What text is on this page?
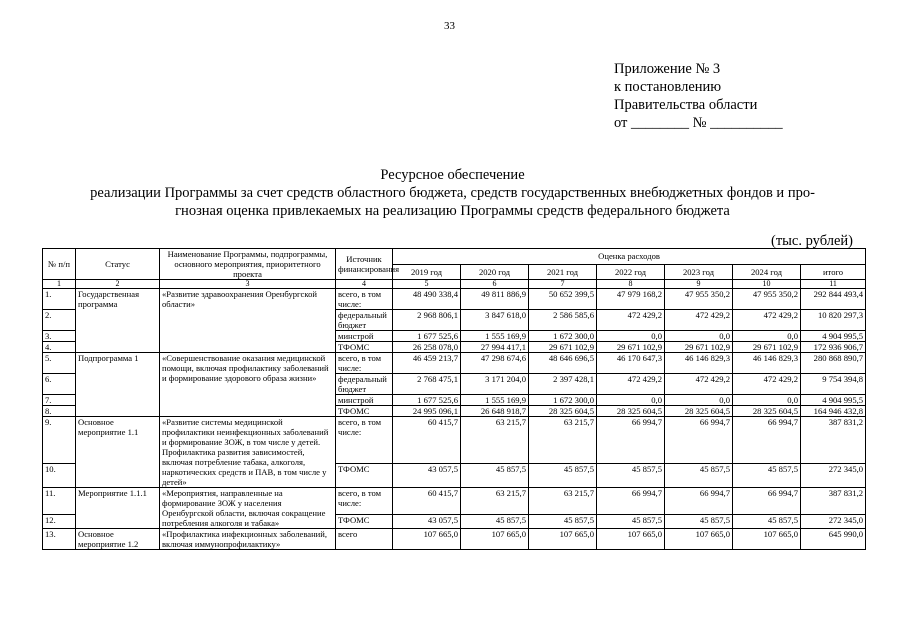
33
Приложение № 3
к постановлению
Правительства области
от ________ № __________
Ресурсное обеспечение
реализации Программы за счет средств областного бюджета, средств государственных внебюджетных фондов и про-
гнозная оценка привлекаемых на реализацию Программы средств федерального бюджета
(тыс. рублей)
№ п/п	Статус	Наименование Программы, подпрограммы, основного мероприятия, приоритетного проекта	Источник финансирования	Оценка расходов						
				2019 год	2020 год	2021 год	2022 год	2023 год	2024 год	итого
1	2	3	4	5	6	7	8	9	10	11
1.	Государственная программа	«Развитие здравоохранения Оренбургской области»	всего, в том числе:	48 490 338,4	49 811 886,9	50 652 399,5	47 979 168,2	47 955 350,2	47 955 350,2	292 844 493,4
2.			федеральный бюджет	2 968 806,1	3 847 618,0	2 586 585,6	472 429,2	472 429,2	472 429,2	10 820 297,3
3.			минстрой	1 677 525,6	1 555 169,9	1 672 300,0	0,0	0,0	0,0	4 904 995,5
4.			ТФОМС	26 258 078,0	27 994 417,1	29 671 102,9	29 671 102,9	29 671 102,9	29 671 102,9	172 936 906,7
5.	Подпрограмма 1	«Совершенствование оказания медицинской помощи, включая профилактику заболеваний и формирование здорового образа жизни»	всего, в том числе:	46 459 213,7	47 298 674,6	48 646 696,5	46 170 647,3	46 146 829,3	46 146 829,3	280 868 890,7
6.			федеральный бюджет	2 768 475,1	3 171 204,0	2 397 428,1	472 429,2	472 429,2	472 429,2	9 754 394,8
7.			минстрой	1 677 525,6	1 555 169,9	1 672 300,0	0,0	0,0	0,0	4 904 995,5
8.			ТФОМС	24 995 096,1	26 648 918,7	28 325 604,5	28 325 604,5	28 325 604,5	28 325 604,5	164 946 432,8
9.	Основное мероприятие 1.1	«Развитие системы медицинской профилактики неинфекционных заболеваний и формирование ЗОЖ, в том числе у детей. Профилактика развития зависимостей, включая потребление табака, алкоголя, наркотических средств и ПАВ, в том числе у детей»	всего, в том числе:	60 415,7	63 215,7	63 215,7	66 994,7	66 994,7	66 994,7	387 831,2
10.			ТФОМС	43 057,5	45 857,5	45 857,5	45 857,5	45 857,5	45 857,5	272 345,0
11.	Мероприятие 1.1.1	«Мероприятия, направленные на формирование ЗОЖ у населения Оренбургской области, включая сокращение потребления алкоголя и табака»	всего, в том числе:	60 415,7	63 215,7	63 215,7	66 994,7	66 994,7	66 994,7	387 831,2
12.			ТФОМС	43 057,5	45 857,5	45 857,5	45 857,5	45 857,5	45 857,5	272 345,0
13.	Основное мероприятие 1.2	«Профилактика инфекционных заболеваний, включая иммунопрофилактику»	всего	107 665,0	107 665,0	107 665,0	107 665,0	107 665,0	107 665,0	645 990,0
